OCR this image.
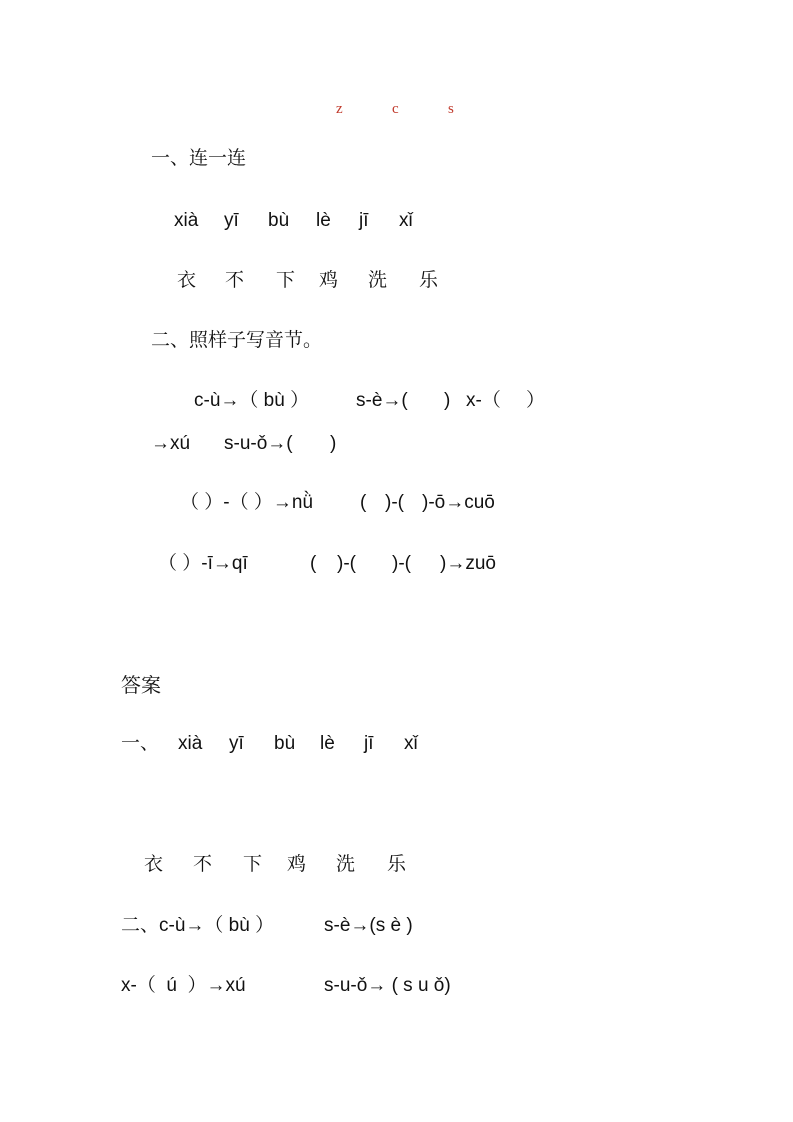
z	c	s
一、连一连
xià yī bù lè jī xǐ
衣 不 下 鸡 洗 乐
二、照样子写音节。
c-ù→（ bù ） s-è→( ) x-（ ）
→xú s-u-ǒ→( )
（ ）-（ ）→nǜ ( )-( )-ō→cuō
（ ）-ī→qī	( )-( )-( )→zuō
答案
一、 xià yī bù lè jī xǐ
衣 不 下 鸡 洗 乐
二、c-ù→（ bù ）	s-è→(s è )
x-（  ú  ）→xú	s-u-ǒ→ ( s u ǒ)
